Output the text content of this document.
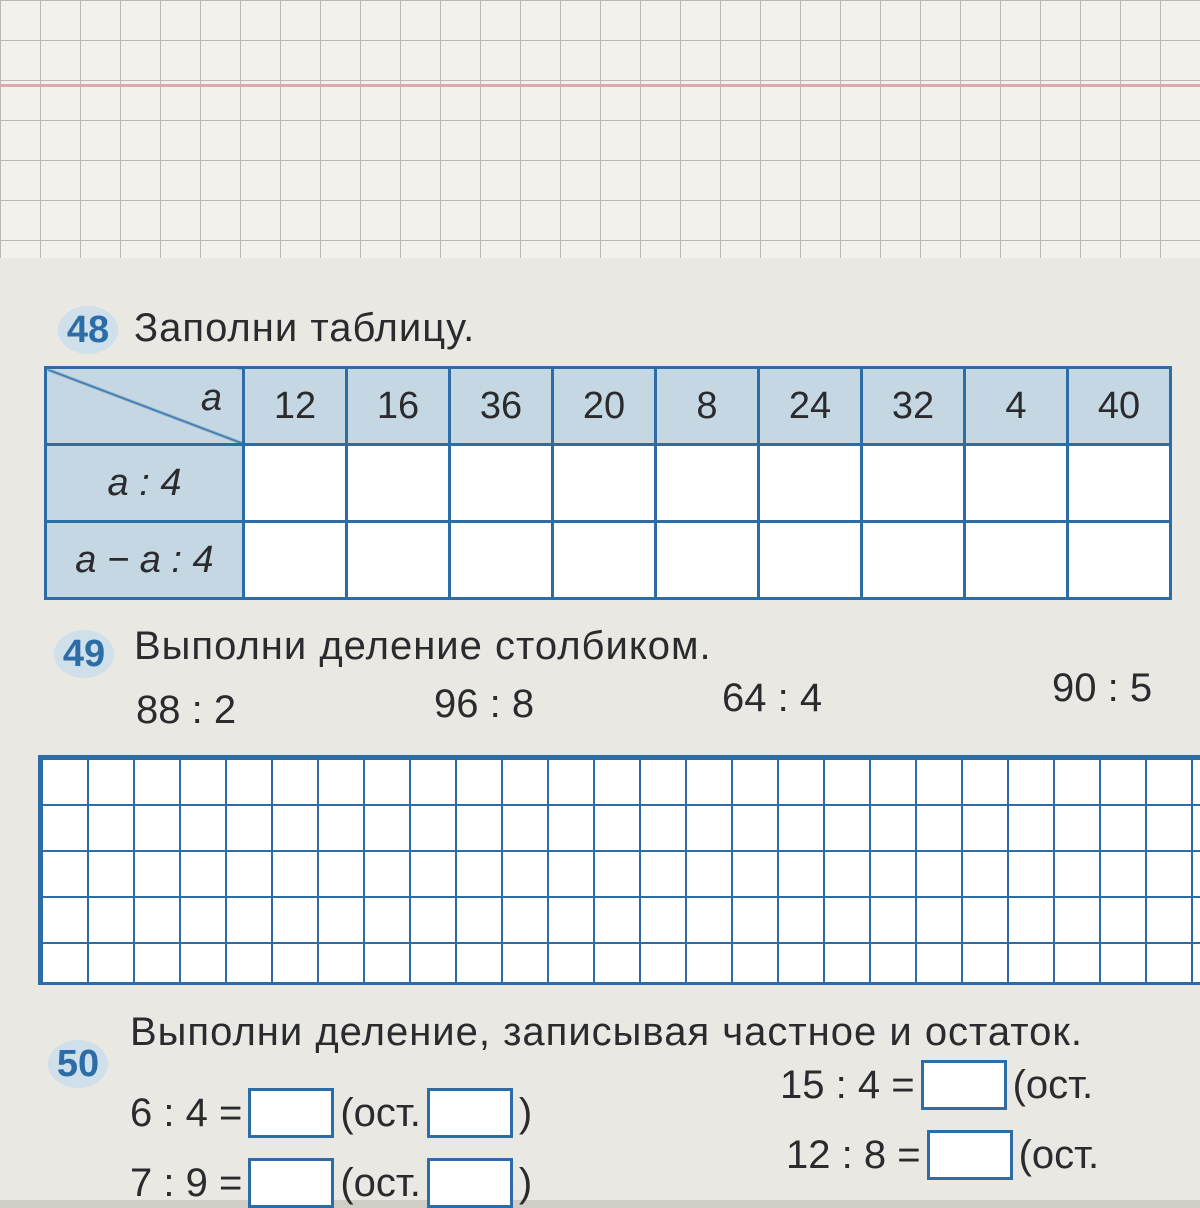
48 Заполни таблицу.
a	12	16	36	20	8	24	32	4	40
a : 4									
a − a : 4									
49 Выполни деление столбиком.
88 : 2	96 : 8	64 : 4	90 : 5
50
Выполни деление, записывая частное и остаток.
6 : 4 = (ост. )
7 : 9 = (ост. )
15 : 4 = (ост.
12 : 8 = (ост.
